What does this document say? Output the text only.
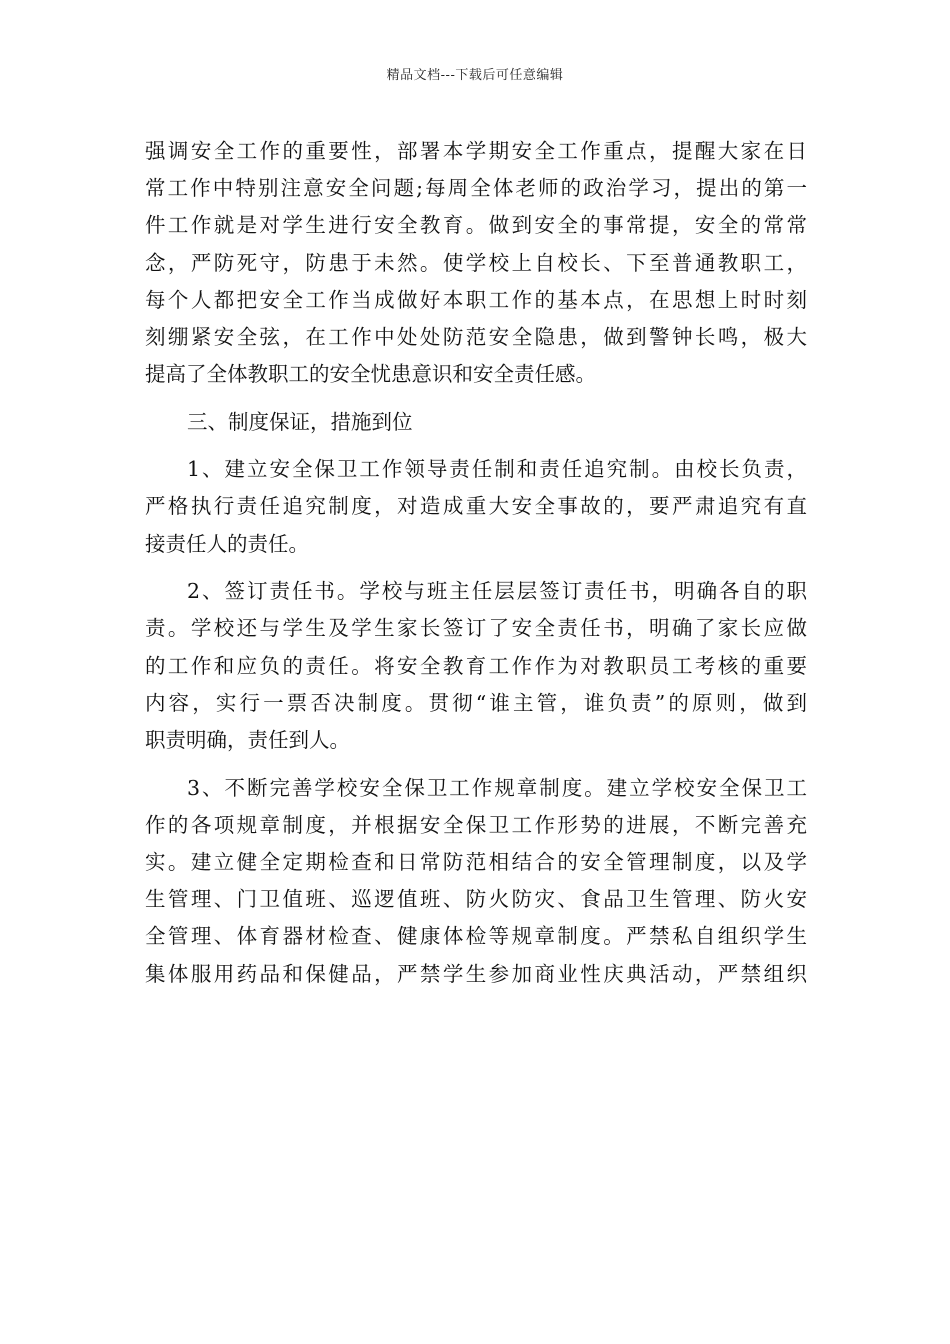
精品文档---下载后可任意编辑
强调安全工作的重要性，部署本学期安全工作重点，提醒大家在日
常工作中特别注意安全问题;每周全体老师的政治学习，提出的第一
件工作就是对学生进行安全教育。做到安全的事常提，安全的常常
念，严防死守，防患于未然。使学校上自校长、下至普通教职工，
每个人都把安全工作当成做好本职工作的基本点，在思想上时时刻
刻绷紧安全弦，在工作中处处防范安全隐患，做到警钟长鸣，极大
提高了全体教职工的安全忧患意识和安全责任感。
三、制度保证，措施到位
1、建立安全保卫工作领导责任制和责任追究制。由校长负责，
严格执行责任追究制度，对造成重大安全事故的，要严肃追究有直
接责任人的责任。
2、签订责任书。学校与班主任层层签订责任书，明确各自的职
责。学校还与学生及学生家长签订了安全责任书，明确了家长应做
的工作和应负的责任。将安全教育工作作为对教职员工考核的重要
内容，实行一票否决制度。贯彻“谁主管，谁负责”的原则，做到
职责明确，责任到人。
3、不断完善学校安全保卫工作规章制度。建立学校安全保卫工
作的各项规章制度，并根据安全保卫工作形势的进展，不断完善充
实。建立健全定期检查和日常防范相结合的安全管理制度，以及学
生管理、门卫值班、巡逻值班、防火防灾、食品卫生管理、防火安
全管理、体育器材检查、健康体检等规章制度。严禁私自组织学生
集体服用药品和保健品，严禁学生参加商业性庆典活动，严禁组织
